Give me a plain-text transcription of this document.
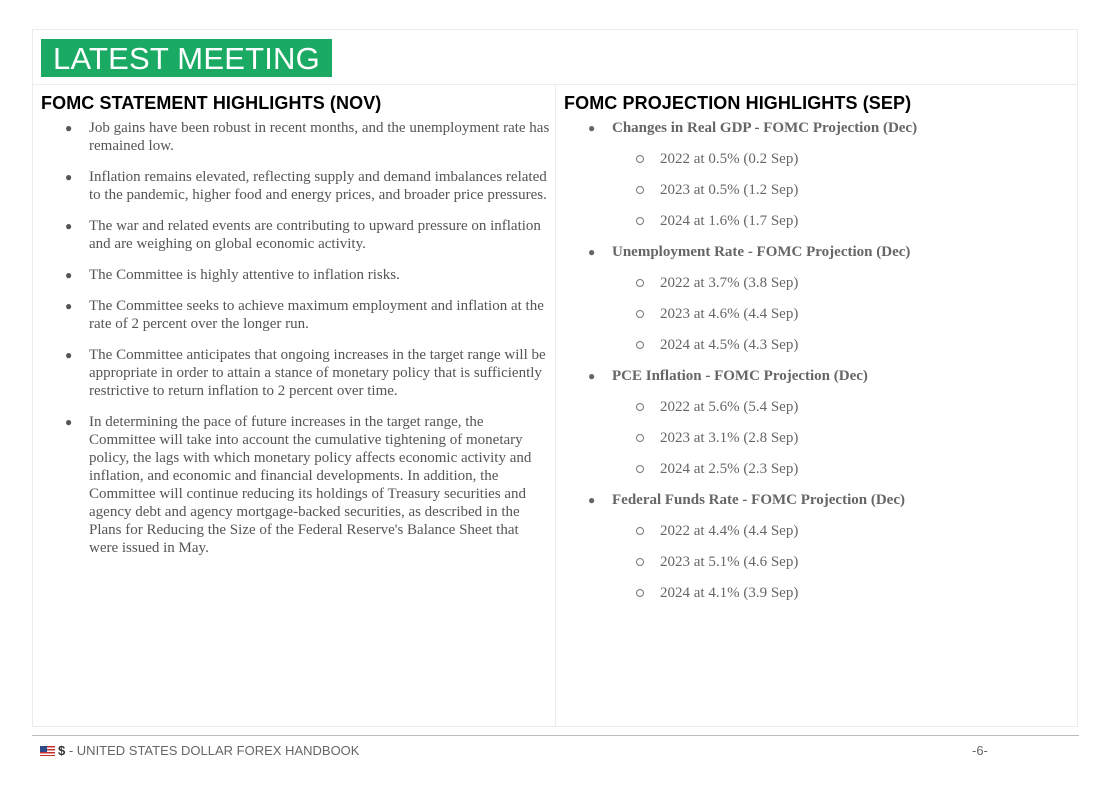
LATEST MEETING
FOMC STATEMENT HIGHLIGHTS (NOV)
● Job gains have been robust in recent months, and the unemployment rate has remained low.
● Inflation remains elevated, reflecting supply and demand imbalances related to the pandemic, higher food and energy prices, and broader price pressures.
● The war and related events are contributing to upward pressure on inflation and are weighing on global economic activity.
● The Committee is highly attentive to inflation risks.
● The Committee seeks to achieve maximum employment and inflation at the rate of 2 percent over the longer run.
● The Committee anticipates that ongoing increases in the target range will be appropriate in order to attain a stance of monetary policy that is sufficiently restrictive to return inflation to 2 percent over time.
● In determining the pace of future increases in the target range, the Committee will take into account the cumulative tightening of monetary policy, the lags with which monetary policy affects economic activity and inflation, and economic and financial developments. In addition, the Committee will continue reducing its holdings of Treasury securities and agency debt and agency mortgage-backed securities, as described in the Plans for Reducing the Size of the Federal Reserve's Balance Sheet that were issued in May.
FOMC PROJECTION HIGHLIGHTS (SEP)
● Changes in Real GDP - FOMC Projection (Dec)
2022 at 0.5% (0.2 Sep)
2023 at 0.5% (1.2 Sep)
2024 at 1.6% (1.7 Sep)
● Unemployment Rate - FOMC Projection (Dec)
2022 at 3.7% (3.8 Sep)
2023 at 4.6% (4.4 Sep)
2024 at 4.5% (4.3 Sep)
● PCE Inflation - FOMC Projection (Dec)
2022 at 5.6% (5.4 Sep)
2023 at 3.1% (2.8 Sep)
2024 at 2.5% (2.3 Sep)
● Federal Funds Rate - FOMC Projection (Dec)
2022 at 4.4% (4.4 Sep)
2023 at 5.1% (4.6 Sep)
2024 at 4.1% (3.9 Sep)
$ - UNITED STATES DOLLAR FOREX HANDBOOK	-6-
